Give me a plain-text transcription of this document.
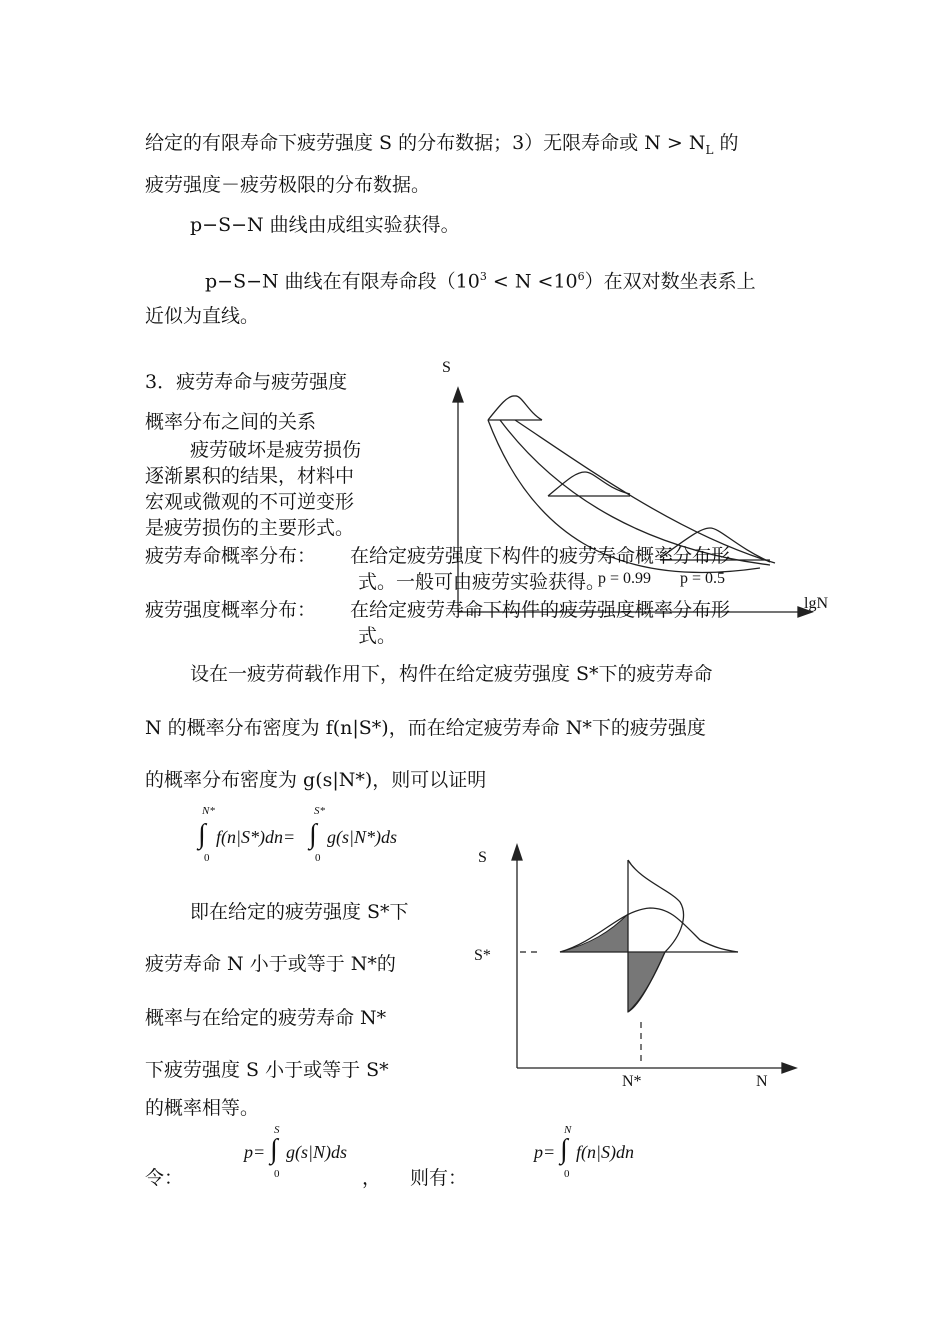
给定的有限寿命下疲劳强度 S 的分布数据；3）无限寿命或 $N > N_L$ 的
疲劳强度－疲劳极限的分布数据。
p−S−N 曲线由成组实验获得。
p−S−N 曲线在有限寿命段$(10^3 < N <10^6)$在双对数坐表系上
近似为直线。
3．疲劳寿命与疲劳强度
概率分布之间的关系
疲劳破坏是疲劳损伤
逐渐累积的结果，材料中
宏观或微观的不可逆变形
是疲劳损伤的主要形式。
S
lgN
p = 0.99 p = 0.5
疲劳寿命概率分布： 在给定疲劳强度下构件的疲劳寿命概率分布形
式。一般可由疲劳实验获得。
疲劳强度概率分布： 在给定疲劳寿命下构件的疲劳强度概率分布形
式。
设在一疲劳荷载作用下，构件在给定疲劳强度 S*下的疲劳寿命
N 的概率分布密度为 f(n|S*)，而在给定疲劳寿命 N*下的疲劳强度
的概率分布密度为 g(s|N*)，则可以证明
N*
∫
0
f(n|S*)dn=
S*
∫
0
g(s|N*)ds
即在给定的疲劳强度 S*下
疲劳寿命 N 小于或等于 N*的
概率与在给定的疲劳寿命 N*
下疲劳强度 S 小于或等于 S*
的概率相等。
S
S*
N*	N
令：
p=
S
∫
0
g(s|N)ds
， 则有：
p=
N
∫
0
f(n|S)dn
